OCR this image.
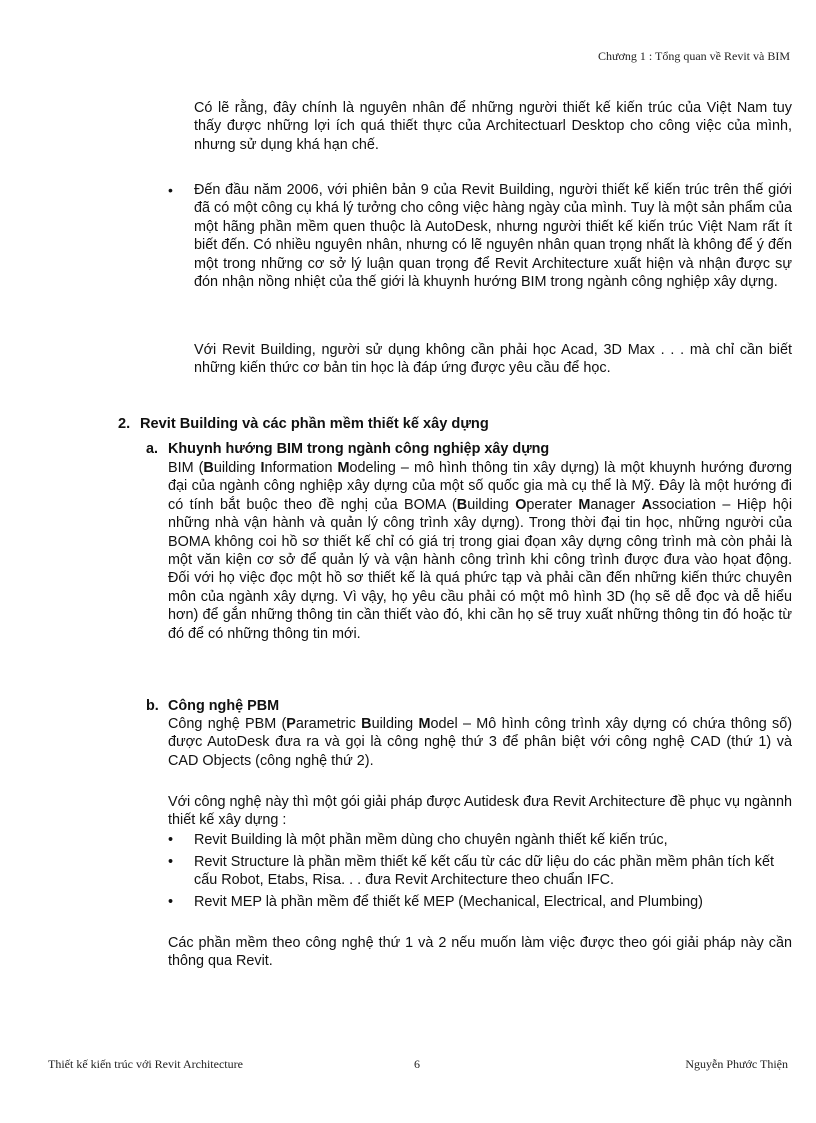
Chương 1 : Tổng quan về Revit và BIM

Có lẽ rằng, đây chính là nguyên nhân để những người thiết kế kiến trúc của Việt Nam tuy thấy được những lợi ích quá thiết thực của Architectuarl Desktop cho công việc của mình, nhưng sử dụng khá hạn chế.

• Đến đầu năm 2006, với phiên bản 9 của Revit Building, người thiết kế kiến trúc trên thế giới đã có một công cụ khá lý tưởng cho công việc hàng ngày của mình. Tuy là một sản phẩm của một hãng phần mềm quen thuộc là AutoDesk, nhưng người thiết kế kiến trúc Việt Nam rất ít biết đến. Có nhiều nguyên nhân, nhưng có lẽ nguyên nhân quan trọng nhất là không để ý đến một trong những cơ sở lý luận quan trọng để Revit Architecture xuất hiện và nhận được sự đón nhận nồng nhiệt của thế giới là khuynh hướng BIM trong ngành công nghiệp xây dựng.

Với Revit Building, người sử dụng không cần phải học Acad, 3D Max . . . mà chỉ cần biết những kiến thức cơ bản tin học là đáp ứng được yêu cầu để học.

2. Revit Building và các phần mềm thiết kế xây dựng
a. Khuynh hướng BIM trong ngành công nghiệp xây dựng

BIM (Building Information Modeling – mô hình thông tin xây dựng) là một khuynh hướng đương đại của ngành công nghiệp xây dựng của một số quốc gia mà cụ thể là Mỹ. Đây là một hướng đi có tính bắt buộc theo đề nghị của BOMA (Building Operater Manager Association – Hiệp hội những nhà vận hành và quản lý công trình xây dựng). Trong thời đại tin học, những người của BOMA không coi hồ sơ thiết kế chỉ có giá trị trong giai đọan xây dựng công trình mà còn phải là một văn kiện cơ sở để quản lý và vận hành công trình khi công trình được đưa vào họat động. Đối với họ việc đọc một hồ sơ thiết kế là quá phức tạp và phải cần đến những kiến thức chuyên môn của ngành xây dựng. Vì vậy, họ yêu cầu phải có một mô hình 3D (họ sẽ dễ đọc và dễ hiểu hơn) để gắn những thông tin cần thiết vào đó, khi cần họ sẽ truy xuất những thông tin đó hoặc từ đó để có những thông tin mới.

b. Công nghệ PBM

Công nghệ PBM (Parametric Building Model – Mô hình công trình xây dựng có chứa thông số) được AutoDesk đưa ra và gọi là công nghệ thứ 3 để phân biệt với công nghệ CAD (thứ 1) và CAD Objects (công nghệ thứ 2).

Với công nghệ này thì một gói giải pháp được Autidesk đưa Revit Architecture đề phục vụ ngànnh thiết kế xây dựng :

• Revit Building là một phần mềm dùng cho chuyên ngành thiết kế kiến trúc,
• Revit Structure là phần mềm thiết kế kết cấu từ các dữ liệu do các phần mềm phân tích kết cấu Robot, Etabs, Risa. . . đưa Revit Architecture theo chuẩn IFC.
• Revit MEP là phần mềm để thiết kế MEP (Mechanical, Electrical, and Plumbing)

Các phần mềm theo công nghệ thứ 1 và 2 nếu muốn làm việc được theo gói giải pháp này cần thông qua Revit.

Thiết kế kiến trúc với Revit Architecture	6	Nguyễn Phước Thiện
